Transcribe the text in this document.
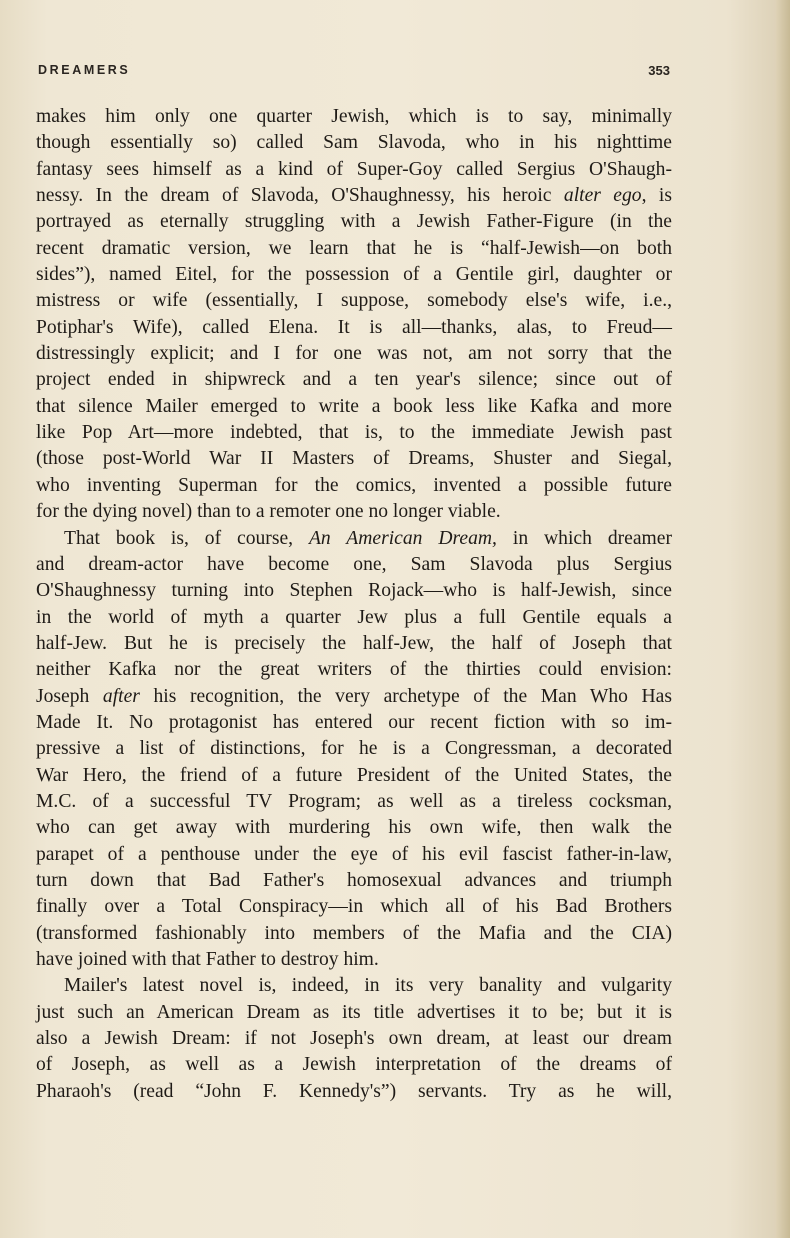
DREAMERS	353
makes him only one quarter Jewish, which is to say, minimally
though essentially so) called Sam Slavoda, who in his nighttime
fantasy sees himself as a kind of Super-Goy called Sergius O'Shaugh-
nessy. In the dream of Slavoda, O'Shaughnessy, his heroic alter ego, is
portrayed as eternally struggling with a Jewish Father-Figure (in the
recent dramatic version, we learn that he is “half-Jewish—on both
sides”), named Eitel, for the possession of a Gentile girl, daughter or
mistress or wife (essentially, I suppose, somebody else's wife, i.e.,
Potiphar's Wife), called Elena. It is all—thanks, alas, to Freud—
distressingly explicit; and I for one was not, am not sorry that the
project ended in shipwreck and a ten year's silence; since out of
that silence Mailer emerged to write a book less like Kafka and more
like Pop Art—more indebted, that is, to the immediate Jewish past
(those post-World War II Masters of Dreams, Shuster and Siegal,
who inventing Superman for the comics, invented a possible future
for the dying novel) than to a remoter one no longer viable.
That book is, of course, An American Dream, in which dreamer
and dream-actor have become one, Sam Slavoda plus Sergius
O'Shaughnessy turning into Stephen Rojack—who is half-Jewish, since
in the world of myth a quarter Jew plus a full Gentile equals a
half-Jew. But he is precisely the half-Jew, the half of Joseph that
neither Kafka nor the great writers of the thirties could envision:
Joseph after his recognition, the very archetype of the Man Who Has
Made It. No protagonist has entered our recent fiction with so im-
pressive a list of distinctions, for he is a Congressman, a decorated
War Hero, the friend of a future President of the United States, the
M.C. of a successful TV Program; as well as a tireless cocksman,
who can get away with murdering his own wife, then walk the
parapet of a penthouse under the eye of his evil fascist father-in-law,
turn down that Bad Father's homosexual advances and triumph
finally over a Total Conspiracy—in which all of his Bad Brothers
(transformed fashionably into members of the Mafia and the CIA)
have joined with that Father to destroy him.
Mailer's latest novel is, indeed, in its very banality and vulgarity
just such an American Dream as its title advertises it to be; but it is
also a Jewish Dream: if not Joseph's own dream, at least our dream
of Joseph, as well as a Jewish interpretation of the dreams of
Pharaoh's (read “John F. Kennedy's”) servants. Try as he will,
